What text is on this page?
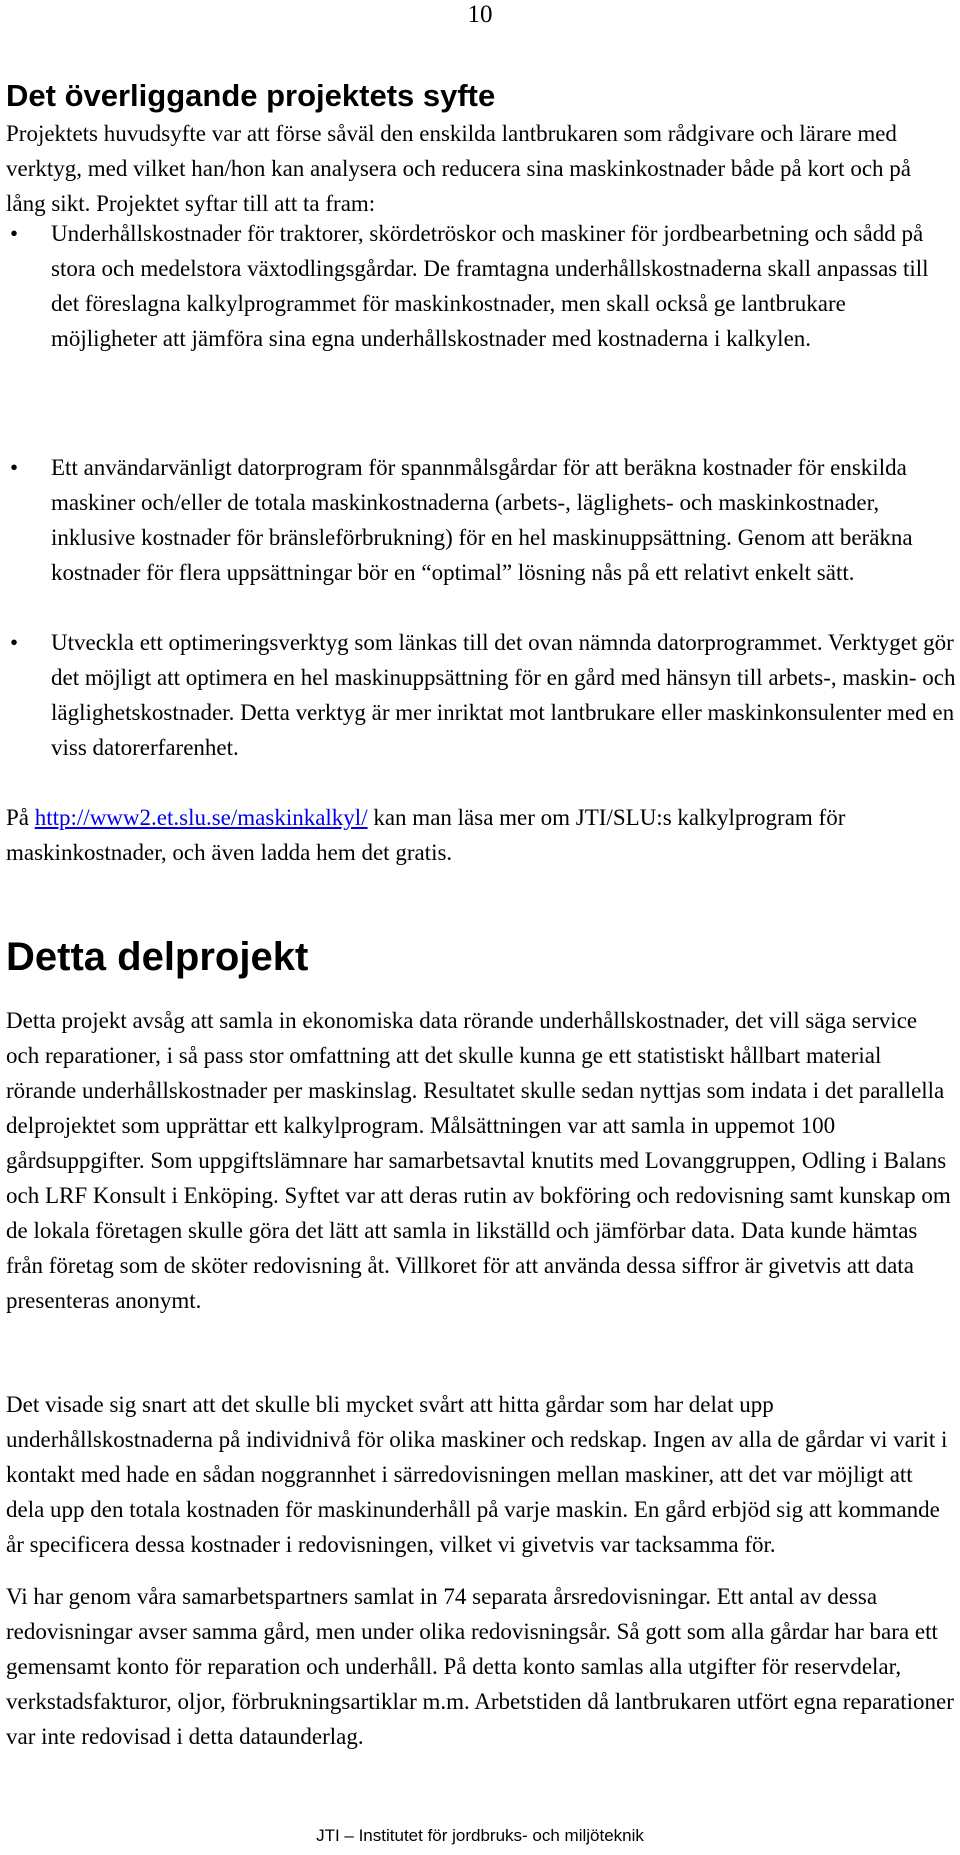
10
Det överliggande projektets syfte

Projektets huvudsyfte var att förse såväl den enskilda lantbrukaren som rådgivare och lärare med verktyg, med vilket han/hon kan analysera och reducera sina maskinkostnader både på kort och på lång sikt. Projektet syftar till att ta fram:

• Underhållskostnader för traktorer, skördetröskor och maskiner för jordbearbetning och sådd på stora och medelstora växtodlingsgårdar. De framtagna underhållskostnaderna skall anpassas till det föreslagna kalkylprogrammet för maskinkostnader, men skall också ge lantbrukare möjligheter att jämföra sina egna underhållskostnader med kostnaderna i kalkylen.
• Ett användarvänligt datorprogram för spannmålsgårdar för att beräkna kostnader för enskilda maskiner och/eller de totala maskinkostnaderna (arbets-, läglighets- och maskinkostnader, inklusive kostnader för bränsleförbrukning) för en hel maskinuppsättning. Genom att beräkna kostnader för flera uppsättningar bör en “optimal” lösning nås på ett relativt enkelt sätt.
• Utveckla ett optimeringsverktyg som länkas till det ovan nämnda datorprogrammet. Verktyget gör det möjligt att optimera en hel maskinuppsättning för en gård med hänsyn till arbets-, maskin- och läglighetskostnader. Detta verktyg är mer inriktat mot lantbrukare eller maskinkonsulenter med en viss datorerfarenhet.

På http://www2.et.slu.se/maskinkalkyl/ kan man läsa mer om JTI/SLU:s kalkylprogram för maskinkostnader, och även ladda hem det gratis.

Detta delprojekt

Detta projekt avsåg att samla in ekonomiska data rörande underhållskostnader, det vill säga service och reparationer, i så pass stor omfattning att det skulle kunna ge ett statistiskt hållbart material rörande underhållskostnader per maskinslag. Resultatet skulle sedan nyttjas som indata i det parallella delprojektet som upprättar ett kalkylprogram. Målsättningen var att samla in uppemot 100 gårdsuppgifter. Som uppgiftslämnare har samarbetsavtal knutits med Lovanggruppen, Odling i Balans och LRF Konsult i Enköping. Syftet var att deras rutin av bokföring och redovisning samt kunskap om de lokala företagen skulle göra det lätt att samla in likställd och jämförbar data. Data kunde hämtas från företag som de sköter redovisning åt. Villkoret för att använda dessa siffror är givetvis att data presenteras anonymt.

Det visade sig snart att det skulle bli mycket svårt att hitta gårdar som har delat upp underhållskostnaderna på individnivå för olika maskiner och redskap. Ingen av alla de gårdar vi varit i kontakt med hade en sådan noggrannhet i särredovisningen mellan maskiner, att det var möjligt att dela upp den totala kostnaden för maskinunderhåll på varje maskin. En gård erbjöd sig att kommande år specificera dessa kostnader i redovisningen, vilket vi givetvis var tacksamma för.

Vi har genom våra samarbetspartners samlat in 74 separata årsredovisningar. Ett antal av dessa redovisningar avser samma gård, men under olika redovisningsår. Så gott som alla gårdar har bara ett gemensamt konto för reparation och underhåll. På detta konto samlas alla utgifter för reservdelar, verkstadsfakturor, oljor, förbrukningsartiklar m.m. Arbetstiden då lantbrukaren utfört egna reparationer var inte redovisad i detta dataunderlag.

JTI – Institutet för jordbruks- och miljöteknik
